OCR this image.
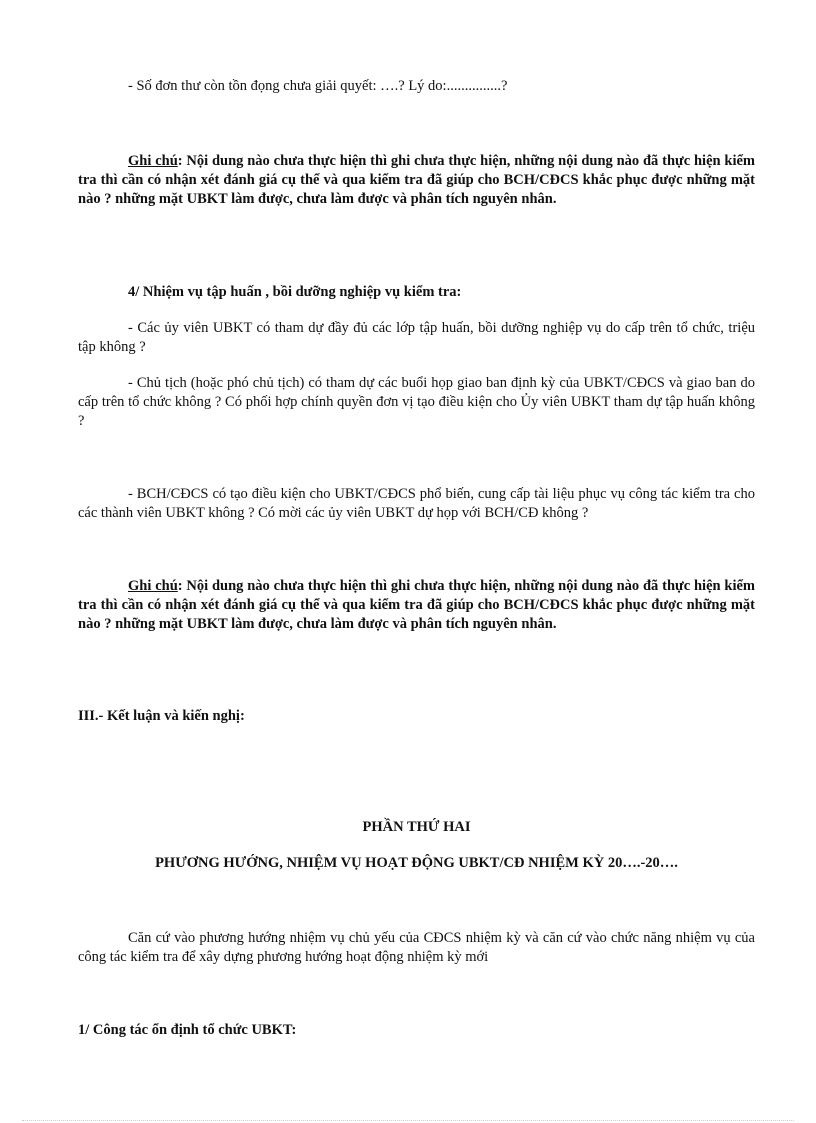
- Số đơn thư còn tồn đọng chưa giải quyết: ….? Lý do:...............?

Ghi chú: Nội dung nào chưa thực hiện thì ghi chưa thực hiện, những nội dung nào đã thực hiện kiểm tra thì cần có nhận xét đánh giá cụ thể và qua kiểm tra đã giúp cho BCH/CĐCS khắc phục được những mặt nào ? những mặt UBKT làm được, chưa làm được và phân tích nguyên nhân.

4/ Nhiệm vụ tập huấn , bồi dưỡng nghiệp vụ kiểm tra:

- Các ủy viên UBKT có tham dự đầy đủ các lớp tập huấn, bồi dưỡng nghiệp vụ do cấp trên tổ chức, triệu tập không ?

- Chủ tịch (hoặc phó chủ tịch) có tham dự các buổi họp giao ban định kỳ của UBKT/CĐCS và giao ban do cấp trên tổ chức không ? Có phối hợp chính quyền đơn vị tạo điều kiện cho Ủy viên UBKT tham dự tập huấn không ?

- BCH/CĐCS có tạo điều kiện cho UBKT/CĐCS phổ biến, cung cấp tài liệu phục vụ công tác kiểm tra cho các thành viên UBKT không ? Có mời các ủy viên UBKT dự họp với BCH/CĐ không ?

Ghi chú: Nội dung nào chưa thực hiện thì ghi chưa thực hiện, những nội dung nào đã thực hiện kiểm tra thì cần có nhận xét đánh giá cụ thể và qua kiểm tra đã giúp cho BCH/CĐCS khắc phục được những mặt nào ? những mặt UBKT làm được, chưa làm được và phân tích nguyên nhân.

III.- Kết luận và kiến nghị:

PHẦN THỨ HAI

PHƯƠNG HƯỚNG, NHIỆM VỤ HOẠT ĐỘNG UBKT/CĐ NHIỆM KỲ 20….-20….

Căn cứ vào phương hướng nhiệm vụ chủ yếu của CĐCS nhiệm kỳ và căn cứ vào chức năng nhiệm vụ của công tác kiểm tra để xây dựng phương hướng hoạt động nhiệm kỳ mới

1/ Công tác ổn định tổ chức UBKT:
